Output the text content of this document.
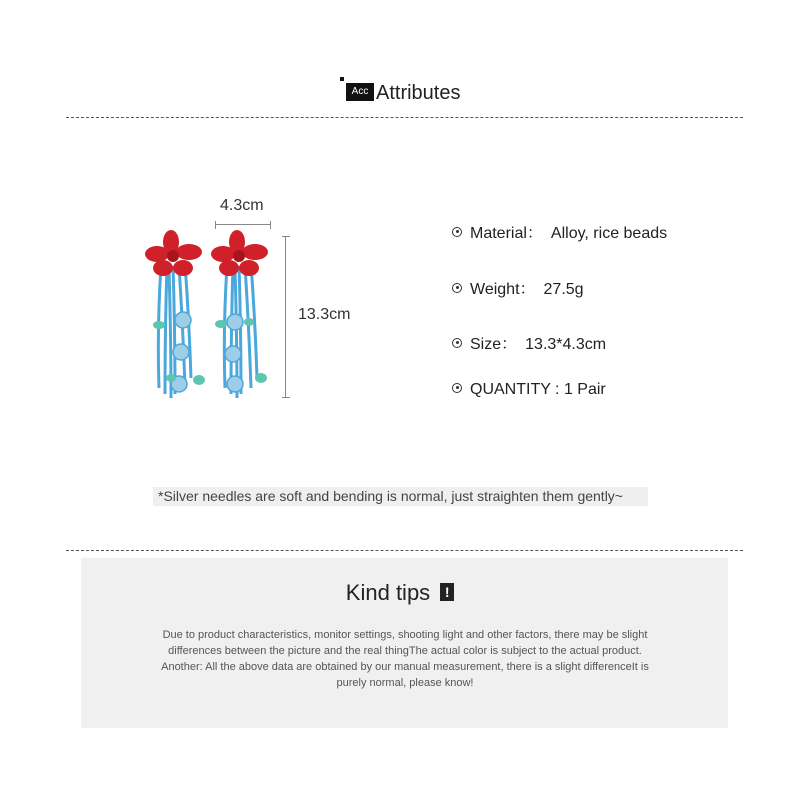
Acc Attributes
4.3cm
13.3cm
Material： Alloy, rice beads
Weight： 27.5g
Size： 13.3*4.3cm
QUANTITY : 1 Pair
*Silver needles are soft and bending is normal, just straighten them gently~
Kind tips !
Due to product characteristics, monitor settings, shooting light and other factors, there may be slight
differences between the picture and the real thingThe actual color is subject to the actual product.
Another: All the above data are obtained by our manual measurement, there is a slight differenceIt is
purely normal, please know!
